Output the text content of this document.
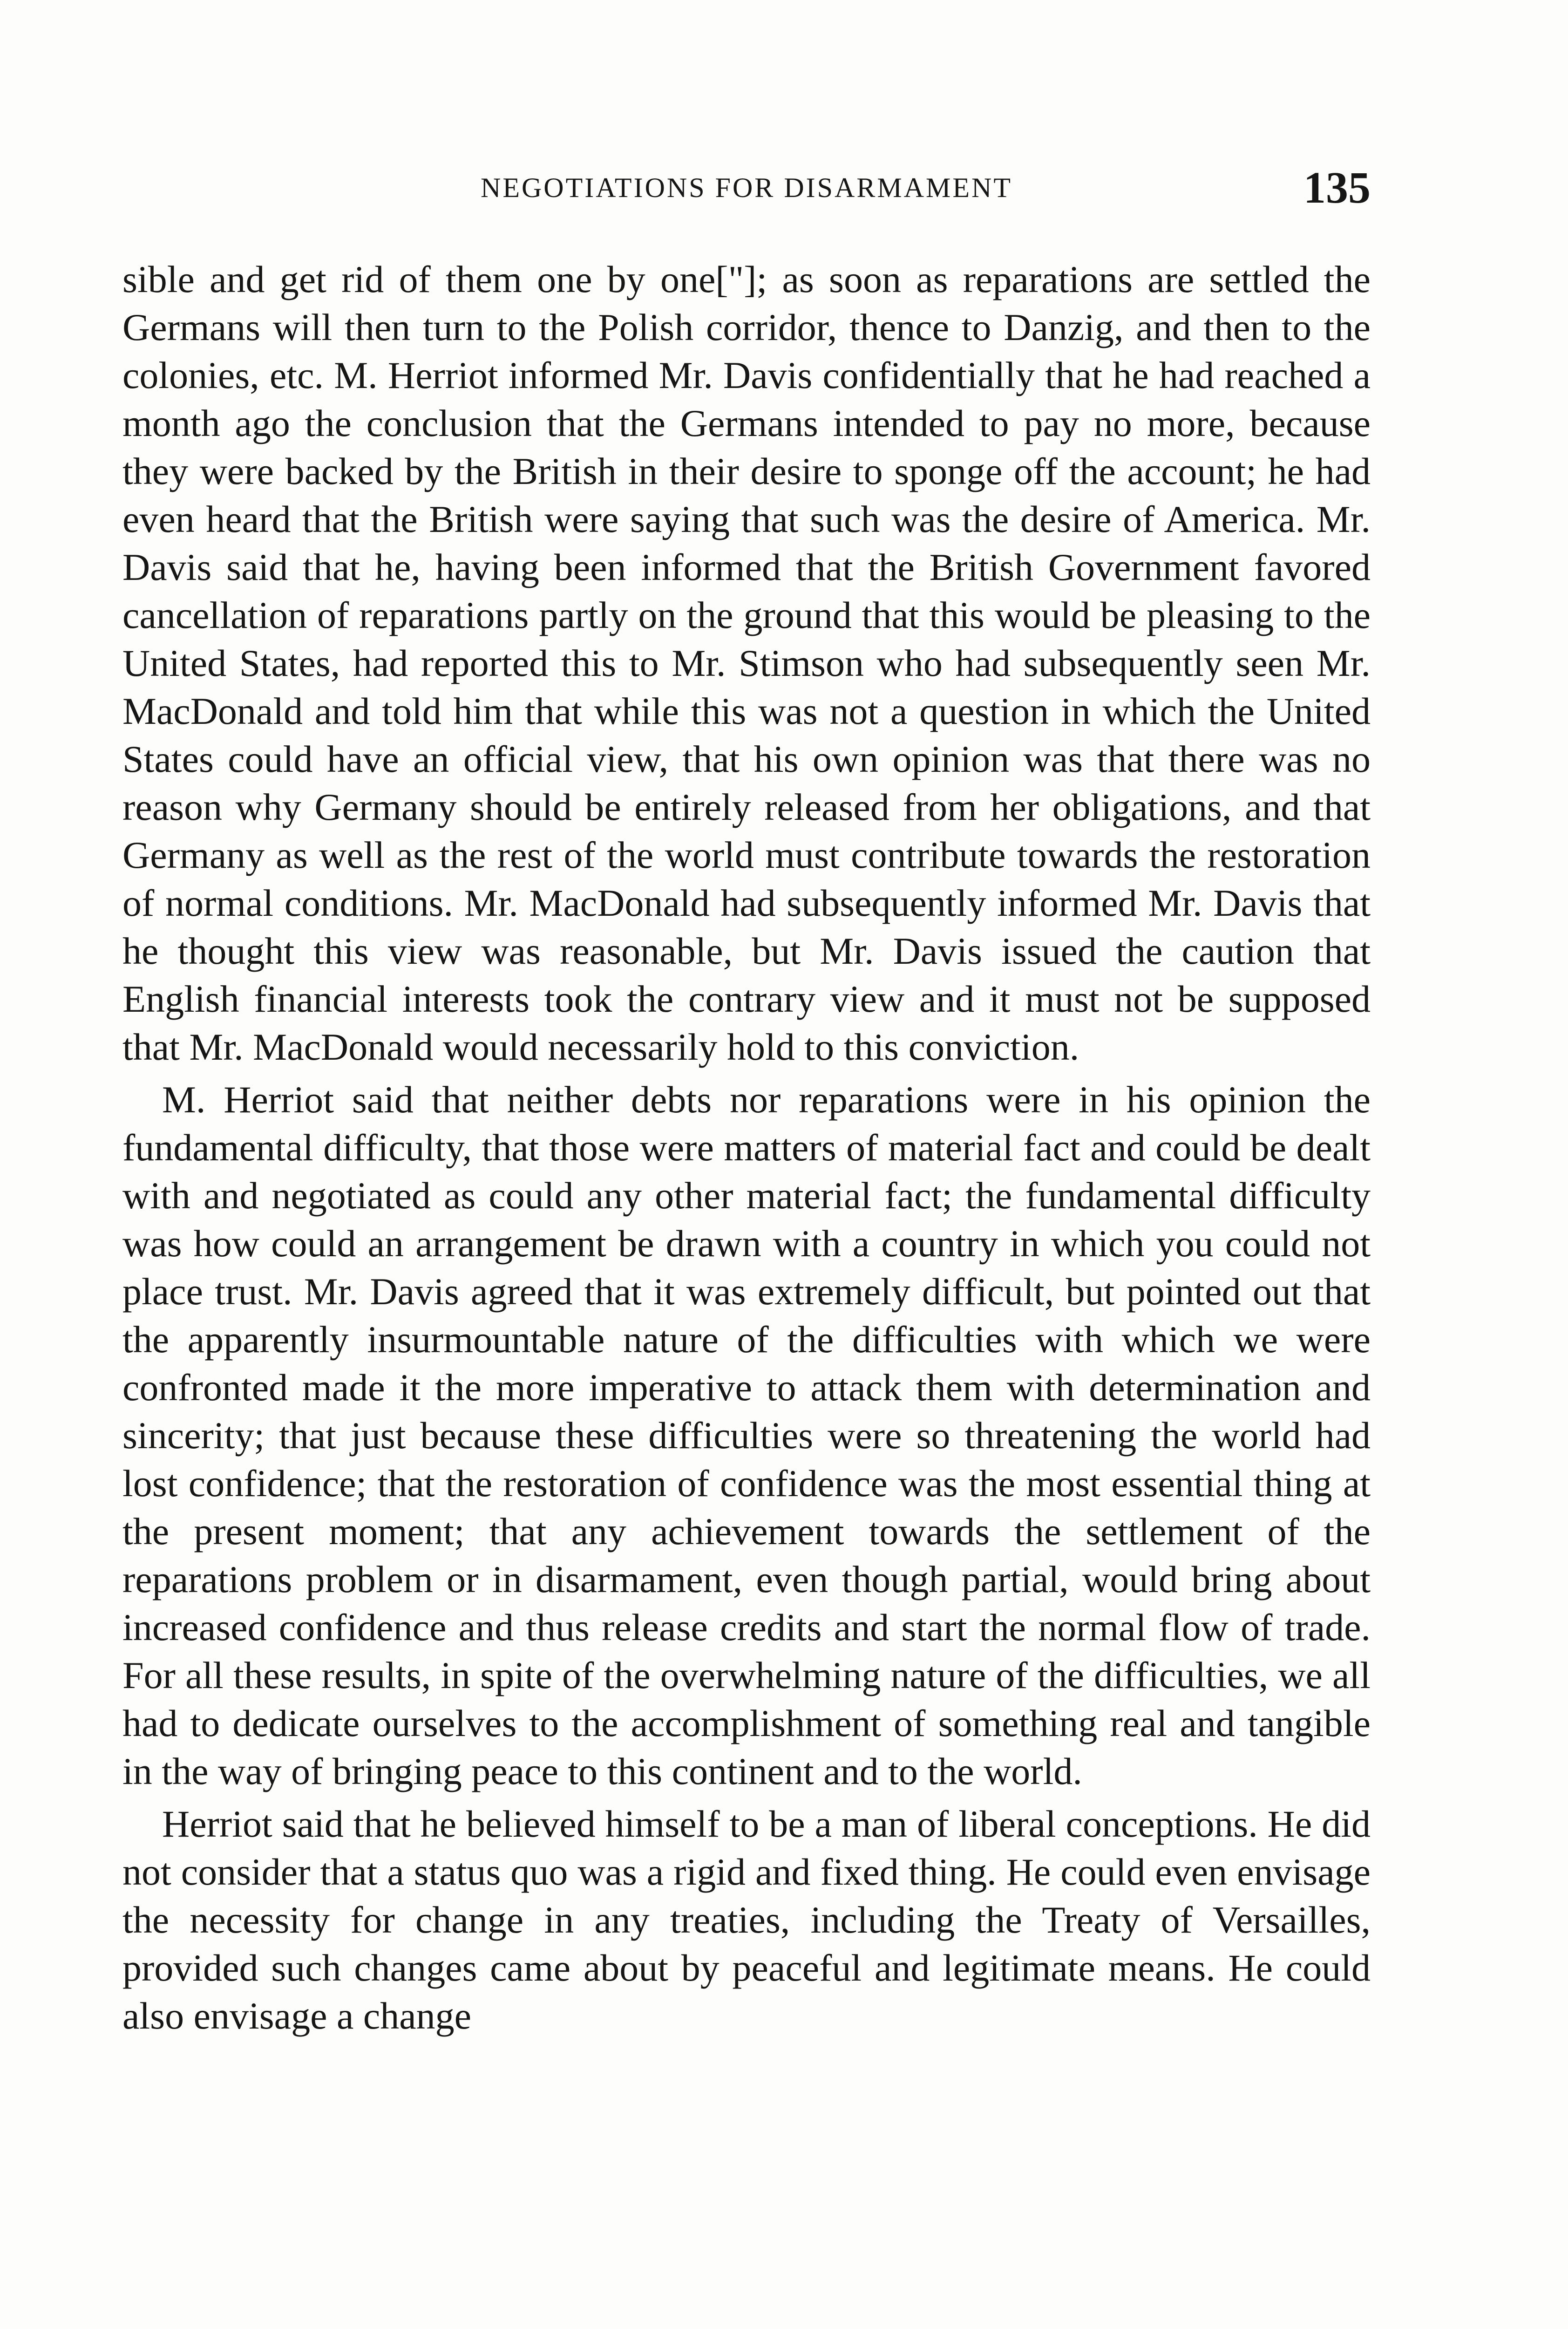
NEGOTIATIONS FOR DISARMAMENT	135

sible and get rid of them one by one["]; as soon as reparations are settled the Germans will then turn to the Polish corridor, thence to Danzig, and then to the colonies, etc. M. Herriot informed Mr. Davis confidentially that he had reached a month ago the conclusion that the Germans intended to pay no more, because they were backed by the British in their desire to sponge off the account; he had even heard that the British were saying that such was the desire of America. Mr. Davis said that he, having been informed that the British Government favored cancellation of reparations partly on the ground that this would be pleasing to the United States, had reported this to Mr. Stimson who had subsequently seen Mr. MacDonald and told him that while this was not a question in which the United States could have an official view, that his own opinion was that there was no reason why Germany should be entirely released from her obligations, and that Germany as well as the rest of the world must contribute towards the restoration of normal conditions. Mr. MacDonald had subsequently informed Mr. Davis that he thought this view was reasonable, but Mr. Davis issued the caution that English financial interests took the contrary view and it must not be supposed that Mr. MacDonald would necessarily hold to this conviction.

M. Herriot said that neither debts nor reparations were in his opinion the fundamental difficulty, that those were matters of material fact and could be dealt with and negotiated as could any other material fact; the fundamental difficulty was how could an arrangement be drawn with a country in which you could not place trust. Mr. Davis agreed that it was extremely difficult, but pointed out that the apparently insurmountable nature of the difficulties with which we were confronted made it the more imperative to attack them with determination and sincerity; that just because these difficulties were so threatening the world had lost confidence; that the restoration of confidence was the most essential thing at the present moment; that any achievement towards the settlement of the reparations problem or in disarmament, even though partial, would bring about increased confidence and thus release credits and start the normal flow of trade. For all these results, in spite of the overwhelming nature of the difficulties, we all had to dedicate ourselves to the accomplishment of something real and tangible in the way of bringing peace to this continent and to the world.

Herriot said that he believed himself to be a man of liberal conceptions. He did not consider that a status quo was a rigid and fixed thing. He could even envisage the necessity for change in any treaties, including the Treaty of Versailles, provided such changes came about by peaceful and legitimate means. He could also envisage a change
